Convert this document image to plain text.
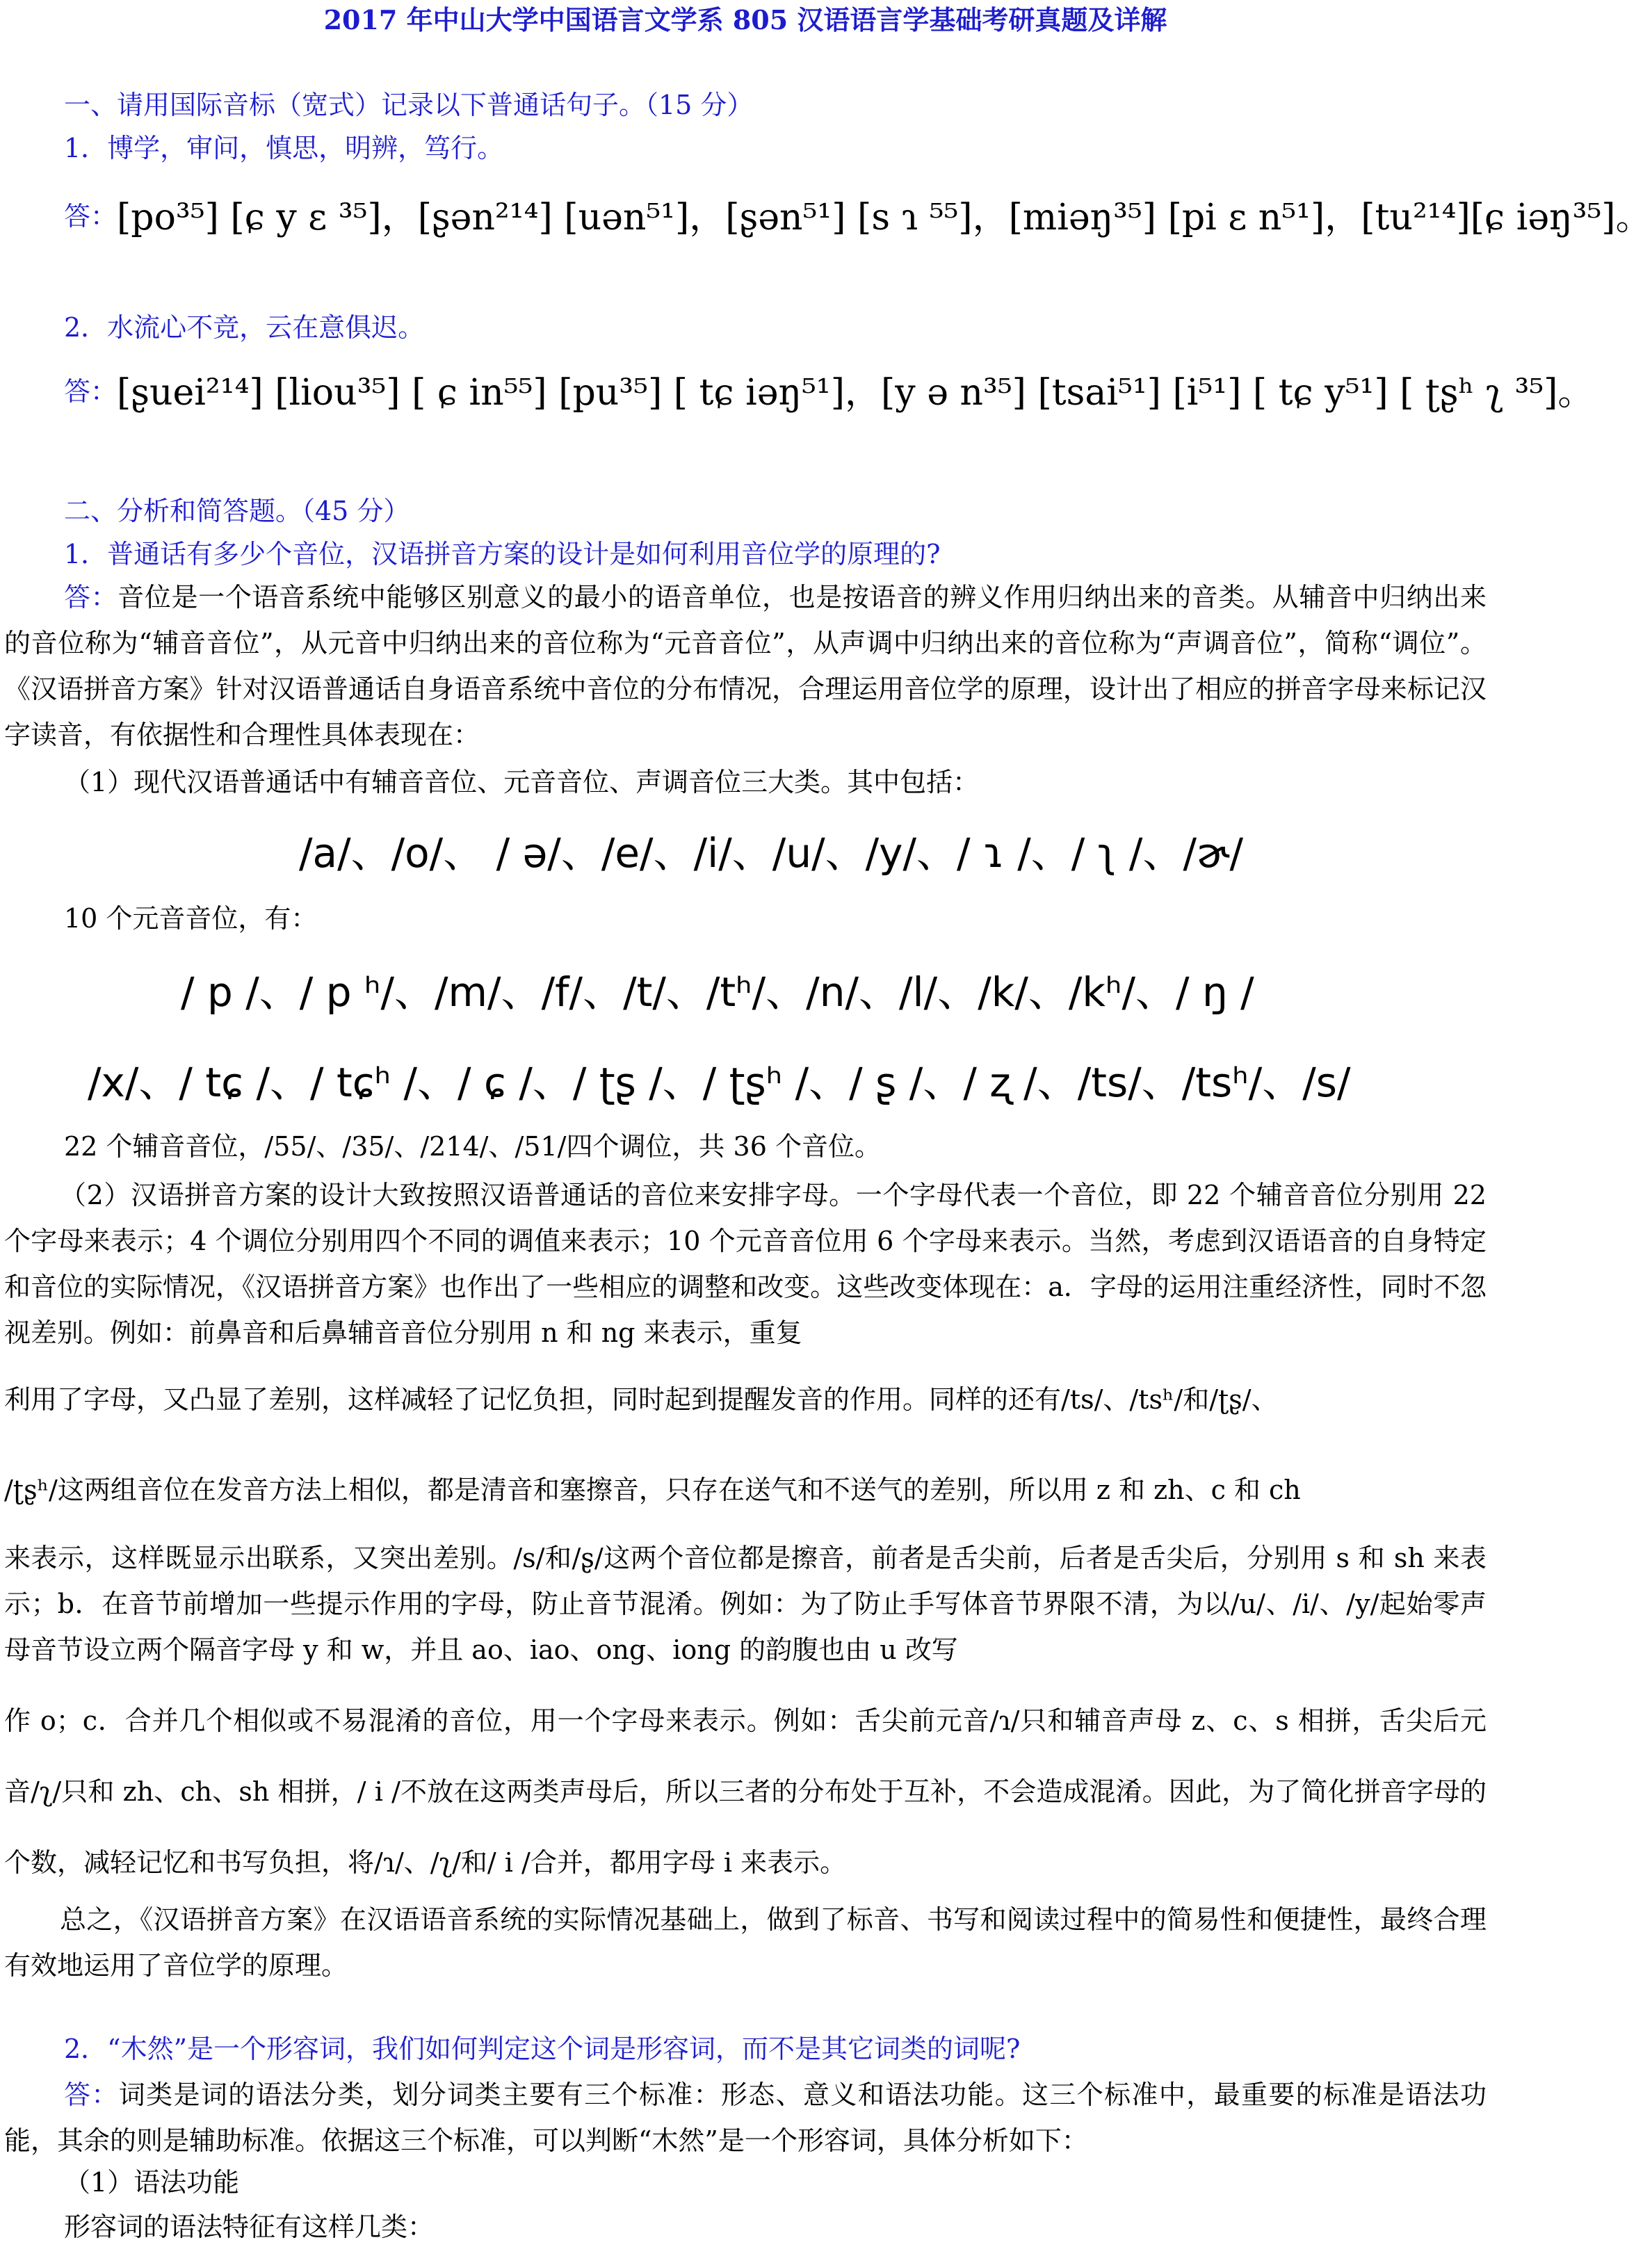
2017 年中山大学中国语言文学系 805 汉语语言学基础考研真题及详解

一、请用国际音标（宽式）记录以下普通话句子。（15 分）

1．博学，审问，慎思，明辨，笃行。

答：[po³⁵] [ɕ y ɛ ³⁵]，[ʂən²¹⁴] [uən⁵¹]，[ʂən⁵¹] [s ɿ ⁵⁵]，[miəŋ³⁵] [pi ɛ n⁵¹]，[tu²¹⁴][ɕ iəŋ³⁵]。

2．水流心不竞，云在意俱迟。

答：[ʂuei²¹⁴] [liou³⁵] [ ɕ in⁵⁵] [pu³⁵] [ tɕ iəŋ⁵¹]，[y ə n³⁵] [tsai⁵¹] [i⁵¹] [ tɕ y⁵¹] [ ʈʂʰ ʅ ³⁵]。

二、分析和简答题。（45 分）

1．普通话有多少个音位，汉语拼音方案的设计是如何利用音位学的原理的?

答：音位是一个语音系统中能够区别意义的最小的语音单位，也是按语音的辨义作用归纳出来的音类。从辅音中归纳出来的音位称为“辅音音位”，从元音中归纳出来的音位称为“元音音位”，从声调中归纳出来的音位称为“声调音位”，简称“调位”。《汉语拼音方案》针对汉语普通话自身语音系统中音位的分布情况，合理运用音位学的原理，设计出了相应的拼音字母来标记汉字读音，有依据性和合理性具体表现在：

（1）现代汉语普通话中有辅音音位、元音音位、声调音位三大类。其中包括：

/a/、/o/、 / ə/、/e/、/i/、/u/、/y/、/ ɿ /、/ ʅ /、/ɚ/

10 个元音音位，有：

/ p /、/ p ʰ/、/m/、/f/、/t/、/tʰ/、/n/、/l/、/k/、/kʰ/、/ ŋ /

/x/、/ tɕ /、/ tɕʰ /、/ ɕ /、/ ʈʂ /、/ ʈʂʰ /、/ ʂ /、/ ʐ /、/ts/、/tsʰ/、/s/

22 个辅音音位，/55/、/35/、/214/、/51/四个调位，共 36 个音位。

（2）汉语拼音方案的设计大致按照汉语普通话的音位来安排字母。一个字母代表一个音位，即 22 个辅音音位分别用 22 个字母来表示；4 个调位分别用四个不同的调值来表示；10 个元音音位用 6 个字母来表示。当然，考虑到汉语语音的自身特定和音位的实际情况，《汉语拼音方案》也作出了一些相应的调整和改变。这些改变体现在：a．字母的运用注重经济性，同时不忽视差别。例如：前鼻音和后鼻辅音音位分别用 n 和 ng 来表示，重复

利用了字母，又凸显了差别，这样减轻了记忆负担，同时起到提醒发音的作用。同样的还有/ts/、/tsʰ/和/ʈʂ/、

/ʈʂʰ/这两组音位在发音方法上相似，都是清音和塞擦音，只存在送气和不送气的差别，所以用 z 和 zh、c 和 ch

来表示，这样既显示出联系，又突出差别。/s/和/ʂ/这两个音位都是擦音，前者是舌尖前，后者是舌尖后，分别用 s 和 sh 来表示；b．在音节前增加一些提示作用的字母，防止音节混淆。例如：为了防止手写体音节界限不清，为以/u/、/i/、/y/起始零声母音节设立两个隔音字母 y 和 w，并且 ao、iao、ong、iong 的韵腹也由 u 改写

作 o；c．合并几个相似或不易混淆的音位，用一个字母来表示。例如：舌尖前元音/ɿ/只和辅音声母 z、c、s 相拼，舌尖后元音/ʅ/只和 zh、ch、sh 相拼，/ i /不放在这两类声母后，所以三者的分布处于互补，不会造成混淆。因此，为了简化拼音字母的个数，减轻记忆和书写负担，将/ɿ/、/ʅ/和/ i /合并，都用字母 i 来表示。

总之，《汉语拼音方案》在汉语语音系统的实际情况基础上，做到了标音、书写和阅读过程中的简易性和便捷性，最终合理有效地运用了音位学的原理。

2．“木然”是一个形容词，我们如何判定这个词是形容词，而不是其它词类的词呢?

答：词类是词的语法分类，划分词类主要有三个标准：形态、意义和语法功能。这三个标准中，最重要的标准是语法功能，其余的则是辅助标准。依据这三个标准，可以判断“木然”是一个形容词，具体分析如下：

（1）语法功能

形容词的语法特征有这样几类：
